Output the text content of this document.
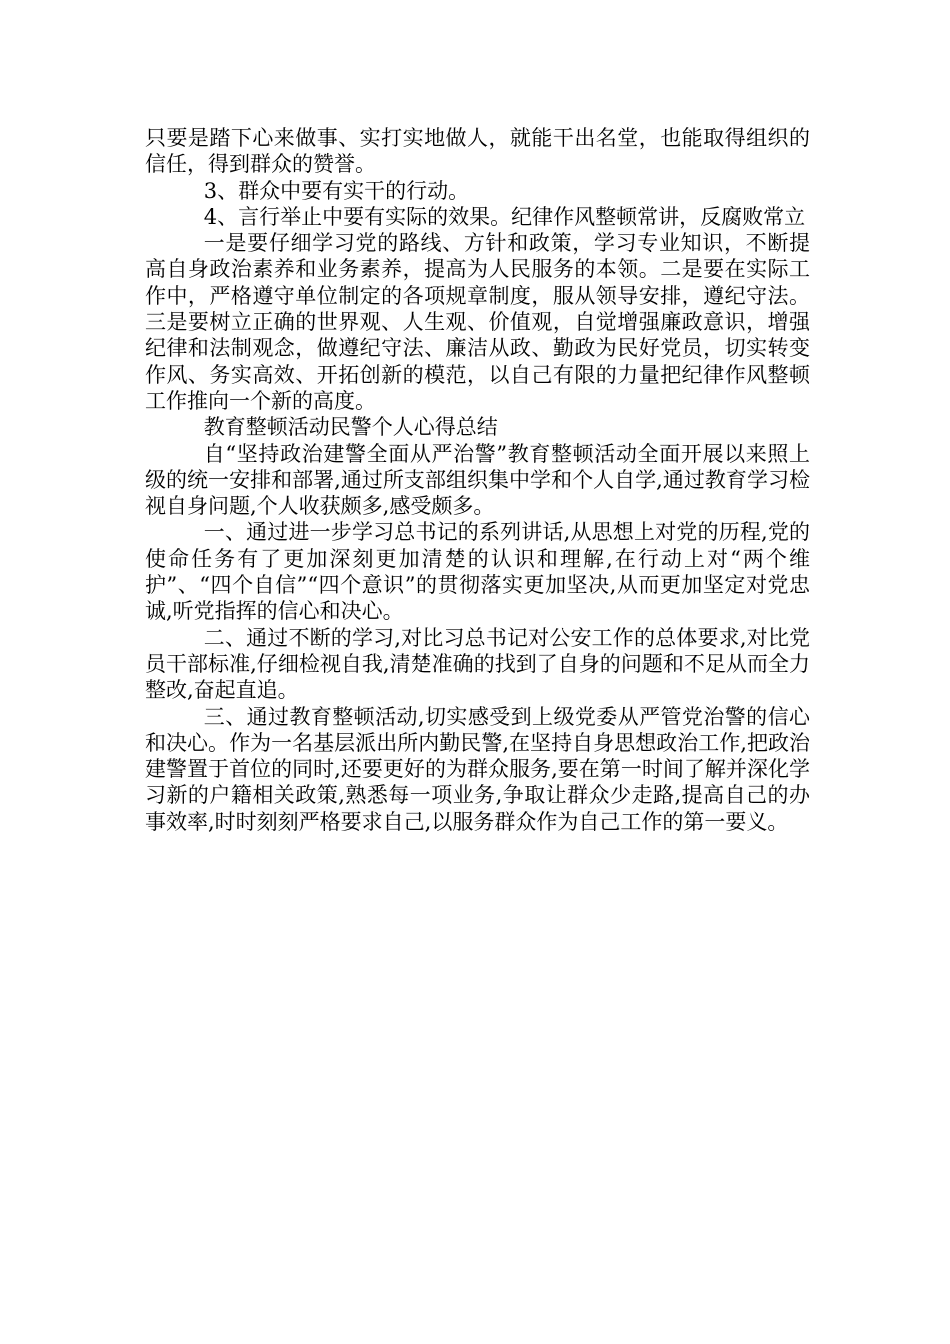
只要是踏下心来做事、实打实地做人，就能干出名堂，也能取得组织的信任，得到群众的赞誉。

3、群众中要有实干的行动。

4、言行举止中要有实际的效果。纪律作风整顿常讲，反腐败常立

一是要仔细学习党的路线、方针和政策，学习专业知识，不断提高自身政治素养和业务素养，提高为人民服务的本领。二是要在实际工作中，严格遵守单位制定的各项规章制度，服从领导安排，遵纪守法。三是要树立正确的世界观、人生观、价值观，自觉增强廉政意识，增强纪律和法制观念，做遵纪守法、廉洁从政、勤政为民好党员，切实转变作风、务实高效、开拓创新的模范，以自己有限的力量把纪律作风整顿工作推向一个新的高度。

教育整顿活动民警个人心得总结

自“坚持政治建警全面从严治警”教育整顿活动全面开展以来照上级的统一安排和部署,通过所支部组织集中学和个人自学,通过教育学习检视自身问题,个人收获颇多,感受颇多。

一、通过进一步学习总书记的系列讲话,从思想上对党的历程,党的使命任务有了更加深刻更加清楚的认识和理解,在行动上对“两个维护”、“四个自信”“四个意识”的贯彻落实更加坚决,从而更加坚定对党忠诚,听党指挥的信心和决心。

二、通过不断的学习,对比习总书记对公安工作的总体要求,对比党员干部标准,仔细检视自我,清楚准确的找到了自身的问题和不足从而全力整改,奋起直追。

三、通过教育整顿活动,切实感受到上级党委从严管党治警的信心和决心。作为一名基层派出所内勤民警,在坚持自身思想政治工作,把政治建警置于首位的同时,还要更好的为群众服务,要在第一时间了解并深化学习新的户籍相关政策,熟悉每一项业务,争取让群众少走路,提高自己的办事效率,时时刻刻严格要求自己,以服务群众作为自己工作的第一要义。
